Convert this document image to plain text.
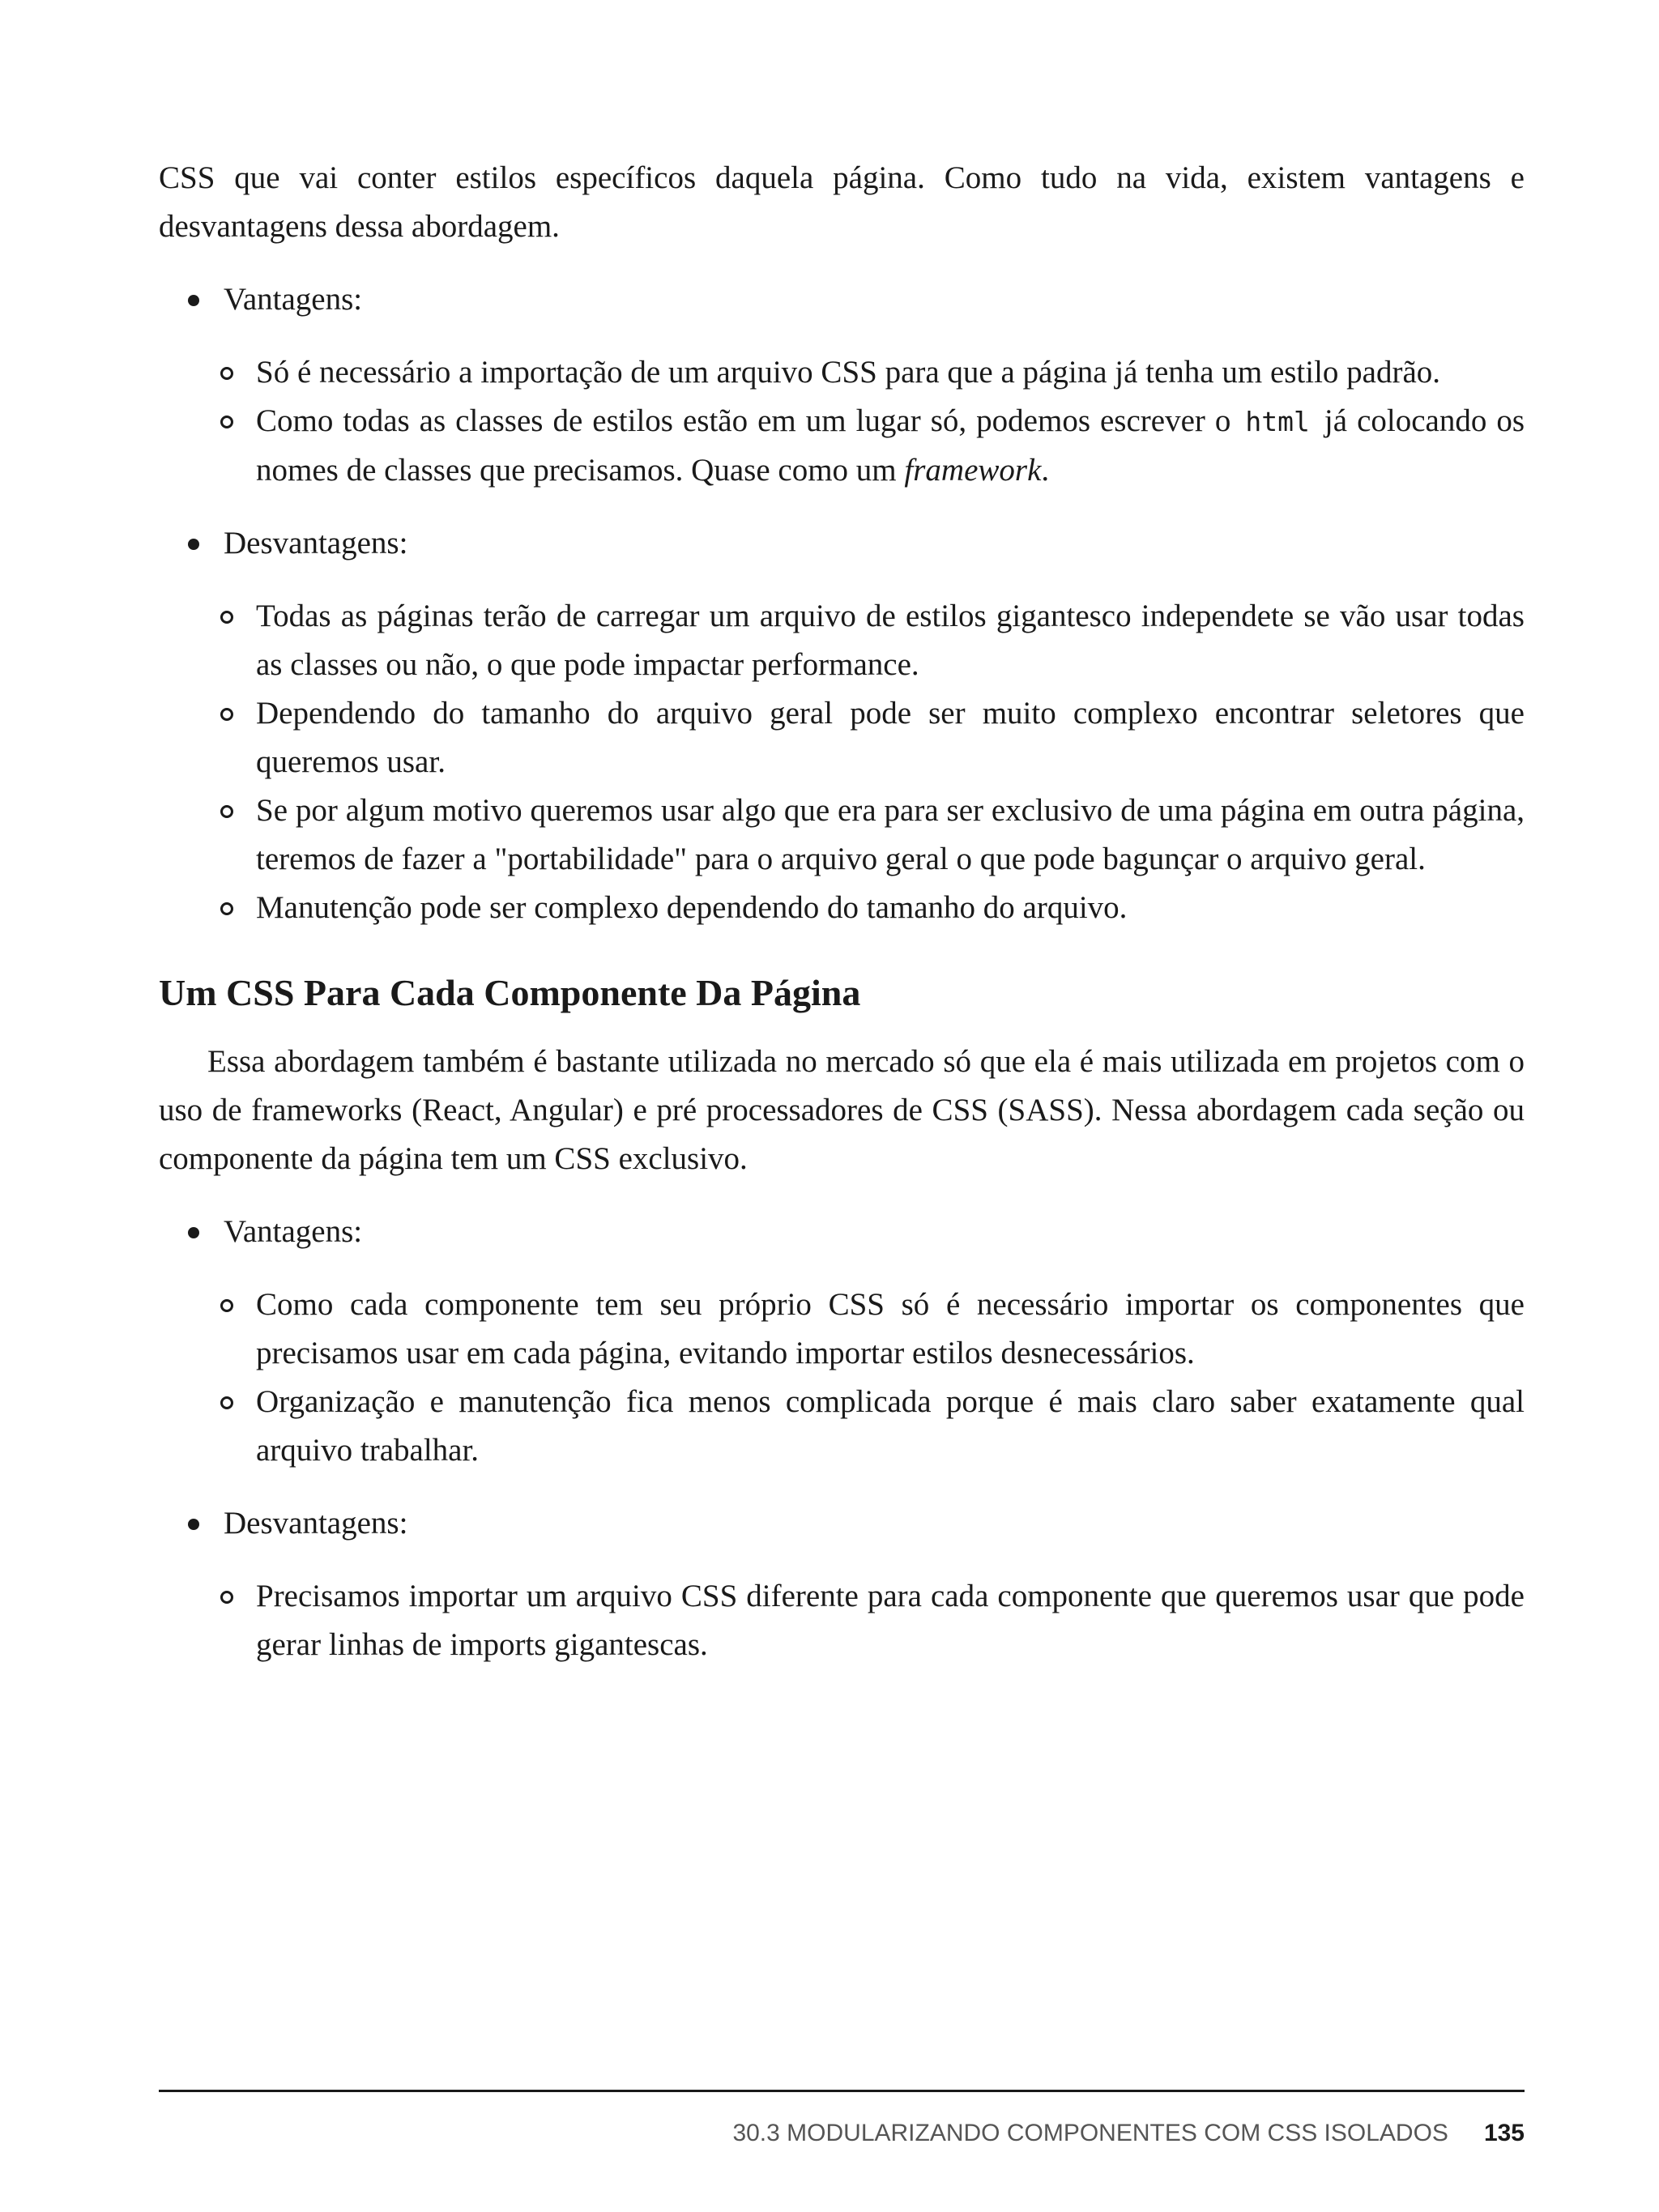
CSS que vai conter estilos específicos daquela página. Como tudo na vida, existem vantagens e desvantagens dessa abordagem.

Vantagens:
Só é necessário a importação de um arquivo CSS para que a página já tenha um estilo padrão.
Como todas as classes de estilos estão em um lugar só, podemos escrever o html já colocando os nomes de classes que precisamos. Quase como um framework.
Desvantagens:
Todas as páginas terão de carregar um arquivo de estilos gigantesco independete se vão usar todas as classes ou não, o que pode impactar performance.
Dependendo do tamanho do arquivo geral pode ser muito complexo encontrar seletores que queremos usar.
Se por algum motivo queremos usar algo que era para ser exclusivo de uma página em outra página, teremos de fazer a "portabilidade" para o arquivo geral o que pode bagunçar o arquivo geral.
Manutenção pode ser complexo dependendo do tamanho do arquivo.
Um CSS Para Cada Componente Da Página

Essa abordagem também é bastante utilizada no mercado só que ela é mais utilizada em projetos com o uso de frameworks (React, Angular) e pré processadores de CSS (SASS). Nessa abordagem cada seção ou componente da página tem um CSS exclusivo.

Vantagens:
Como cada componente tem seu próprio CSS só é necessário importar os componentes que precisamos usar em cada página, evitando importar estilos desnecessários.
Organização e manutenção fica menos complicada porque é mais claro saber exatamente qual arquivo trabalhar.
Desvantagens:
Precisamos importar um arquivo CSS diferente para cada componente que queremos usar que pode gerar linhas de imports gigantescas.
30.3 MODULARIZANDO COMPONENTES COM CSS ISOLADOS 135
